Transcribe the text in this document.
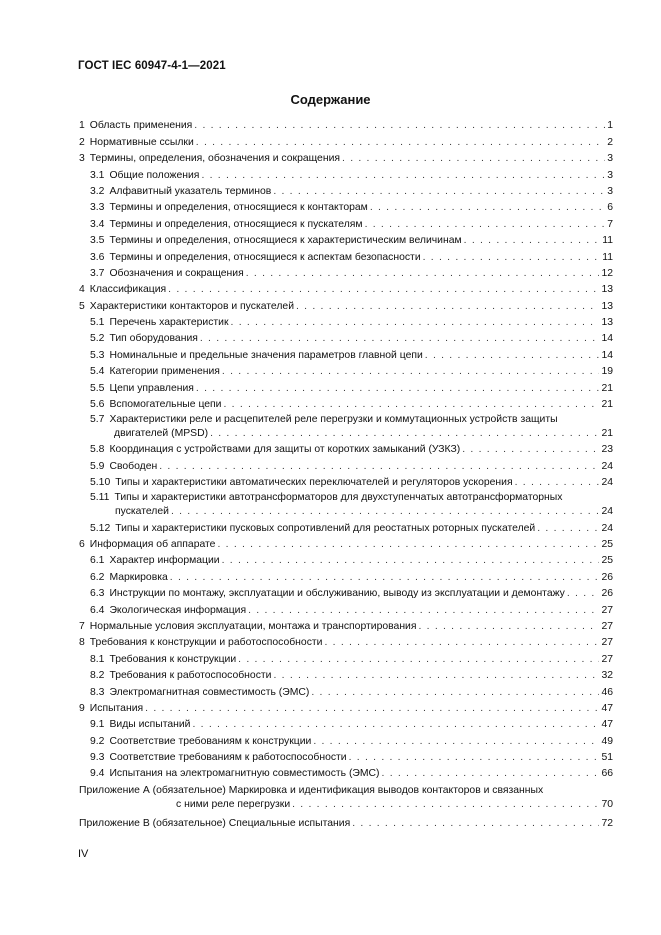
ГОСТ IEC 60947-4-1—2021
Содержание
1 Область применения . . .	1
2 Нормативные ссылки . . .	2
3 Термины, определения, обозначения и сокращения . . .	3
3.1 Общие положения . . .	3
3.2 Алфавитный указатель терминов . . .	3
3.3 Термины и определения, относящиеся к контакторам . . .	6
3.4 Термины и определения, относящиеся к пускателям . . .	7
3.5 Термины и определения, относящиеся к характеристическим величинам . . .	11
3.6 Термины и определения, относящиеся к аспектам безопасности . . .	11
3.7 Обозначения и сокращения . . .	12
4 Классификация . . .	13
5 Характеристики контакторов и пускателей . . .	13
5.1 Перечень характеристик . . .	13
5.2 Тип оборудования . . .	14
5.3 Номинальные и предельные значения параметров главной цепи . . .	14
5.4 Категории применения . . .	19
5.5 Цепи управления . . .	21
5.6 Вспомогательные цепи . . .	21
5.7 Характеристики реле и расцепителей реле перегрузки и коммутационных устройств защиты
двигателей (MPSD) . . .	21
5.8 Координация с устройствами для защиты от коротких замыканий (УЗКЗ) . . .	23
5.9 Свободен . . .	24
5.10 Типы и характеристики автоматических переключателей и регуляторов ускорения . . .	24
5.11 Типы и характеристики автотрансформаторов для двухступенчатых автотрансформаторных
пускателей . . .	24
5.12 Типы и характеристики пусковых сопротивлений для реостатных роторных пускателей . . .	24
6 Информация об аппарате . . .	25
6.1 Характер информации . . .	25
6.2 Маркировка . . .	26
6.3 Инструкции по монтажу, эксплуатации и обслуживанию, выводу из эксплуатации и демонтажу . . .	26
6.4 Экологическая информация . . .	27
7 Нормальные условия эксплуатации, монтажа и транспортирования . . .	27
8 Требования к конструкции и работоспособности . . .	27
8.1 Требования к конструкции . . .	27
8.2 Требования к работоспособности . . .	32
8.3 Электромагнитная совместимость (ЭМС) . . .	46
9 Испытания . . .	47
9.1 Виды испытаний . . .	47
9.2 Соответствие требованиям к конструкции . . .	49
9.3 Соответствие требованиям к работоспособности . . .	51
9.4 Испытания на электромагнитную совместимость (ЭМС) . . .	66
Приложение А (обязательное) Маркировка и идентификация выводов контакторов и связанных
с ними реле перегрузки . . .	70
Приложение В (обязательное) Специальные испытания . . .	72
IV
